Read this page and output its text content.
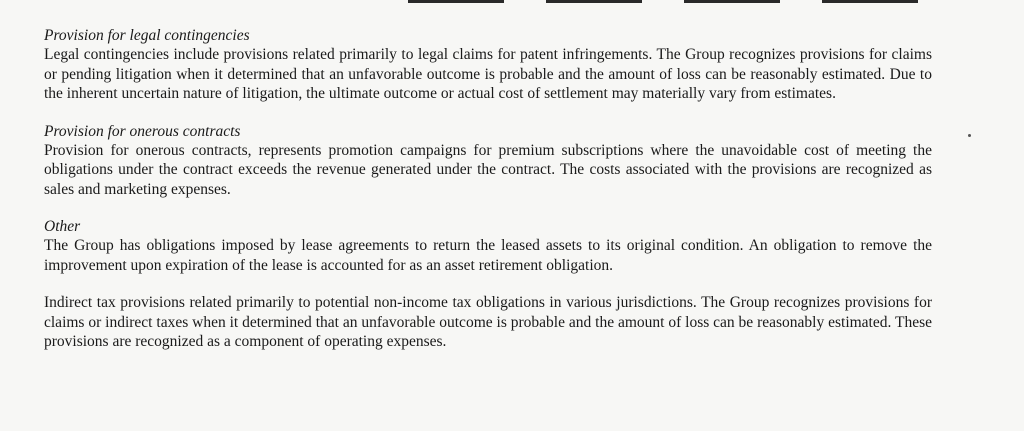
Provision for legal contingencies

Legal contingencies include provisions related primarily to legal claims for patent infringements. The Group recognizes provisions for claims or pending litigation when it determined that an unfavorable outcome is probable and the amount of loss can be reasonably estimated. Due to the inherent uncertain nature of litigation, the ultimate outcome or actual cost of settlement may materially vary from estimates.

Provision for onerous contracts

Provision for onerous contracts, represents promotion campaigns for premium subscriptions where the unavoidable cost of meeting the obligations under the contract exceeds the revenue generated under the contract. The costs associated with the provisions are recognized as sales and marketing expenses.

Other

The Group has obligations imposed by lease agreements to return the leased assets to its original condition. An obligation to remove the improvement upon expiration of the lease is accounted for as an asset retirement obligation.

Indirect tax provisions related primarily to potential non-income tax obligations in various jurisdictions. The Group recognizes provisions for claims or indirect taxes when it determined that an unfavorable outcome is probable and the amount of loss can be reasonably estimated. These provisions are recognized as a component of operating expenses.
